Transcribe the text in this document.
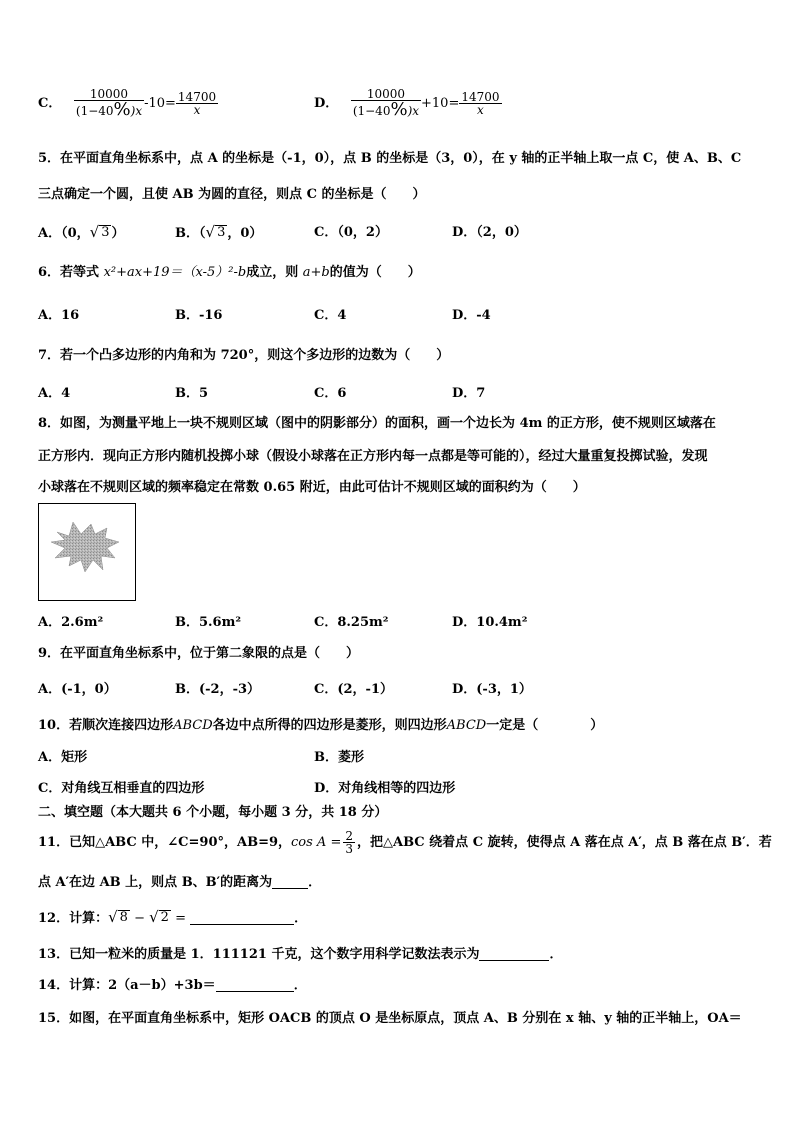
C． $\frac{10000}{(1-40\%)x} -10= \frac{14700}{x}$	D． $\frac{10000}{(1-40\%)x} +10= \frac{14700}{x}$
5．在平面直角坐标系中，点 A 的坐标是（-1，0），点 B 的坐标是（3，0），在 y 轴的正半轴上取一点 C，使 A、B、C
三点确定一个圆，且使 AB 为圆的直径，则点 C 的坐标是（　　）
A．（0， √ 3 ）	B．（ √ 3 ，0）	C．（0，2）	D．（2，0）
6．若等式 x²+ax+19＝（x-5）²-b成立，则 a+b的值为（　　）
A．16	B．-16	C．4	D．-4
7．若一个凸多边形的内角和为 720°，则这个多边形的边数为（　　）
A．4	B．5	C．6	D．7
8．如图，为测量平地上一块不规则区域（图中的阴影部分）的面积，画一个边长为 4m 的正方形，使不规则区域落在
正方形内．现向正方形内随机投掷小球（假设小球落在正方形内每一点都是等可能的），经过大量重复投掷试验，发现
小球落在不规则区域的频率稳定在常数 0.65 附近，由此可估计不规则区域的面积约为（　　）
A．2.6m²	B．5.6m²	C．8.25m²	D．10.4m²
9．在平面直角坐标系中，位于第二象限的点是（　　）
A．(-1，0）	B．(-2，-3）	C．(2，-1）	D．(-3，1）
10．若顺次连接四边形ABCD各边中点所得的四边形是菱形，则四边形ABCD一定是（　　　　）
A．矩形	B．菱形
C．对角线互相垂直的四边形	D．对角线相等的四边形
二、填空题（本大题共 6 个小题，每小题 3 分，共 18 分）
11．已知△ABC 中，∠C=90°，AB=9，$\cos A = \frac{2}{3}$ ，把△ABC 绕着点 C 旋转，使得点 A 落在点 A′，点 B 落在点 B′．若
点 A′在边 AB 上，则点 B、B′的距离为	．
12．计算： √ 8 − √ 2 =	．
13．已知一粒米的质量是 1．111121 千克，这个数字用科学记数法表示为	．
14．计算：2（a－b）+3b＝	．
15．如图，在平面直角坐标系中，矩形 OACB 的顶点 O 是坐标原点，顶点 A、B 分别在 x 轴、y 轴的正半轴上，OA＝
